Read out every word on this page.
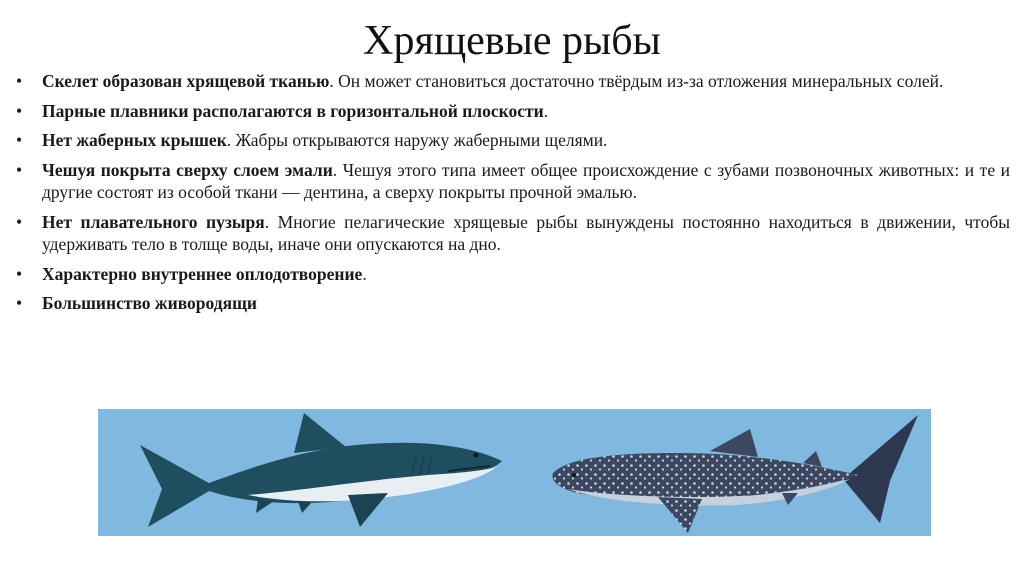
Хрящевые рыбы
• Скелет образован хрящевой тканью. Он может становиться достаточно твёрдым из-за отложения минеральных солей.
• Парные плавники располагаются в горизонтальной плоскости.
• Нет жаберных крышек. Жабры открываются наружу жаберными щелями.
• Чешуя покрыта сверху слоем эмали. Чешуя этого типа имеет общее происхождение с зубами позвоночных животных: и те и другие состоят из особой ткани — дентина, а сверху покрыты прочной эмалью.
• Нет плавательного пузыря. Многие пелагические хрящевые рыбы вынуждены постоянно находиться в движении, чтобы удерживать тело в толще воды, иначе они опускаются на дно.
• Характерно внутреннее оплодотворение.
• Большинство живородящи
